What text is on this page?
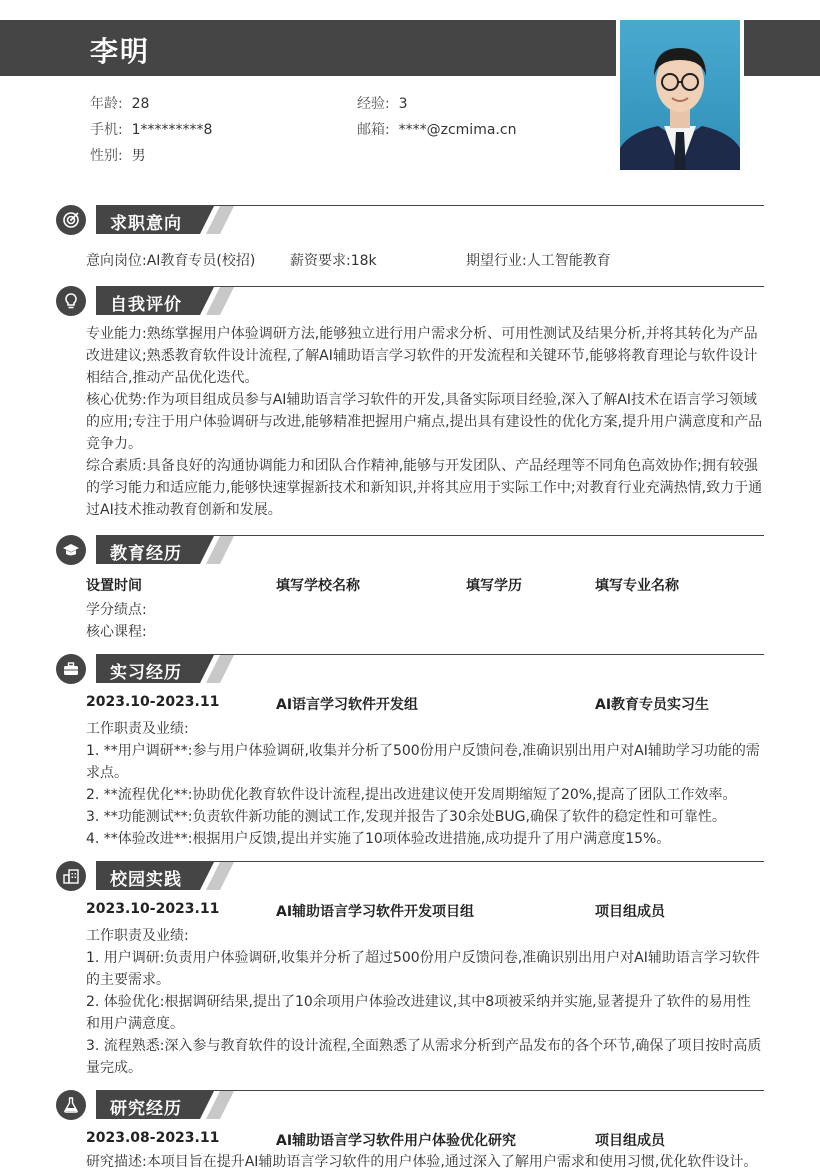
李明
年龄: 28	经验: 3
手机: 1*********8	邮箱: ****@zcmima.cn
性别: 男
求职意向
意向岗位:AI教育专员(校招) 薪资要求:18k	期望行业:人工智能教育
自我评价
专业能力:熟练掌握用户体验调研方法,能够独立进行用户需求分析、可用性测试及结果分析,并将其转化为产品改进建议;熟悉教育软件设计流程,了解AI辅助语言学习软件的开发流程和关键环节,能够将教育理论与软件设计相结合,推动产品优化迭代。
核心优势:作为项目组成员参与AI辅助语言学习软件的开发,具备实际项目经验,深入了解AI技术在语言学习领域的应用;专注于用户体验调研与改进,能够精准把握用户痛点,提出具有建设性的优化方案,提升用户满意度和产品竞争力。
综合素质:具备良好的沟通协调能力和团队合作精神,能够与开发团队、产品经理等不同角色高效协作;拥有较强的学习能力和适应能力,能够快速掌握新技术和新知识,并将其应用于实际工作中;对教育行业充满热情,致力于通过AI技术推动教育创新和发展。
教育经历
设置时间	填写学校名称	填写学历	填写专业名称
学分绩点:
核心课程:
实习经历
2023.10-2023.11	AI语言学习软件开发组	AI教育专员实习生
工作职责及业绩:
1. **用户调研**:参与用户体验调研,收集并分析了500份用户反馈问卷,准确识别出用户对AI辅助学习功能的需求点。
2. **流程优化**:协助优化教育软件设计流程,提出改进建议使开发周期缩短了20%,提高了团队工作效率。
3. **功能测试**:负责软件新功能的测试工作,发现并报告了30余处BUG,确保了软件的稳定性和可靠性。
4. **体验改进**:根据用户反馈,提出并实施了10项体验改进措施,成功提升了用户满意度15%。
校园实践
2023.10-2023.11	AI辅助语言学习软件开发项目组	项目组成员
工作职责及业绩:
1. 用户调研:负责用户体验调研,收集并分析了超过500份用户反馈问卷,准确识别出用户对AI辅助语言学习软件的主要需求。
2. 体验优化:根据调研结果,提出了10余项用户体验改进建议,其中8项被采纳并实施,显著提升了软件的易用性和用户满意度。
3. 流程熟悉:深入参与教育软件的设计流程,全面熟悉了从需求分析到产品发布的各个环节,确保了项目按时高质量完成。
研究经历
2023.08-2023.11	AI辅助语言学习软件用户体验优化研究	项目组成员
研究描述:本项目旨在提升AI辅助语言学习软件的用户体验,通过深入了解用户需求和使用习惯,优化软件设计。
